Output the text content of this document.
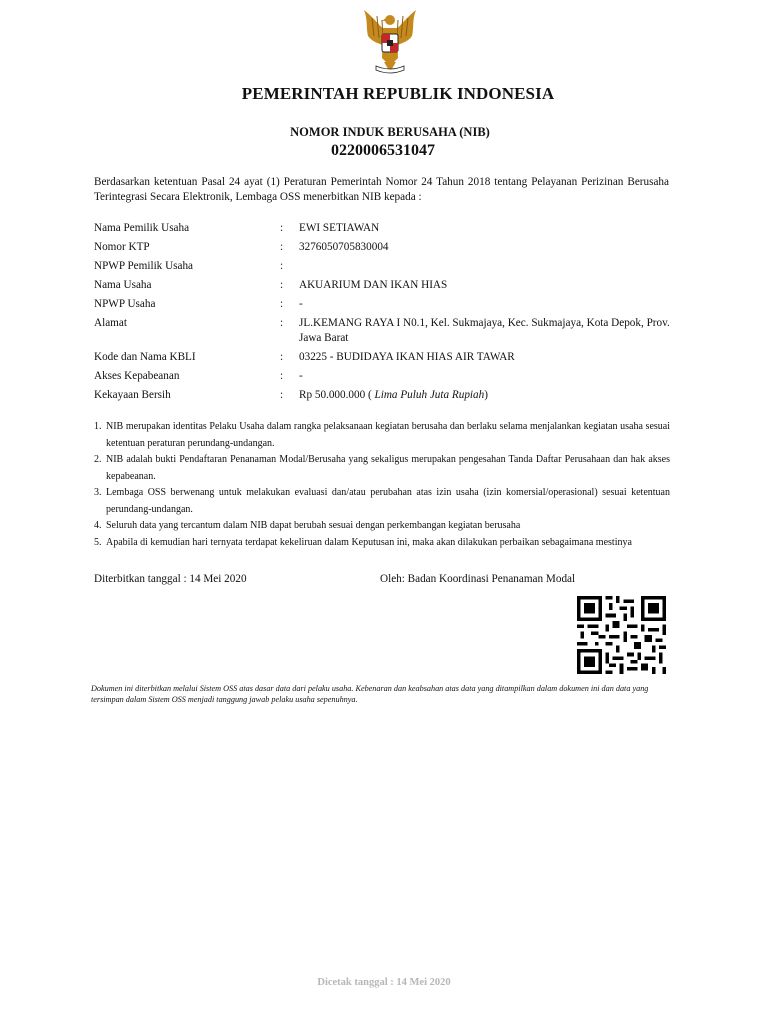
PEMERINTAH REPUBLIK INDONESIA
NOMOR INDUK BERUSAHA (NIB)
0220006531047
Berdasarkan ketentuan Pasal 24 ayat (1) Peraturan Pemerintah Nomor 24 Tahun 2018 tentang Pelayanan Perizinan Berusaha Terintegrasi Secara Elektronik, Lembaga OSS menerbitkan NIB kepada :
Nama Pemilik Usaha	:	EWI SETIAWAN
Nomor KTP	:	3276050705830004
NPWP Pemilik Usaha	:
Nama Usaha	:	AKUARIUM DAN IKAN HIAS
NPWP Usaha	:	-
Alamat	:	JL.KEMANG RAYA I N0.1, Kel. Sukmajaya, Kec. Sukmajaya, Kota Depok, Prov. Jawa Barat
Kode dan Nama KBLI	:	03225 - BUDIDAYA IKAN HIAS AIR TAWAR
Akses Kepabeanan	:	-
Kekayaan Bersih	:	Rp 50.000.000 ( Lima Puluh Juta Rupiah)
1. NIB merupakan identitas Pelaku Usaha dalam rangka pelaksanaan kegiatan berusaha dan berlaku selama menjalankan kegiatan usaha sesuai ketentuan peraturan perundang-undangan.
2. NIB adalah bukti Pendaftaran Penanaman Modal/Berusaha yang sekaligus merupakan pengesahan Tanda Daftar Perusahaan dan hak akses kepabeanan.
3. Lembaga OSS berwenang untuk melakukan evaluasi dan/atau perubahan atas izin usaha (izin komersial/operasional) sesuai ketentuan perundang-undangan.
4. Seluruh data yang tercantum dalam NIB dapat berubah sesuai dengan perkembangan kegiatan berusaha
5. Apabila di kemudian hari ternyata terdapat kekeliruan dalam Keputusan ini, maka akan dilakukan perbaikan sebagaimana mestinya
Diterbitkan tanggal : 14 Mei 2020	Oleh: Badan Koordinasi Penanaman Modal
Dokumen ini diterbitkan melalui Sistem OSS atas dasar data dari pelaku usaha. Kebenaran dan keabsahan atas data yang ditampilkan dalam dokumen ini dan data yang tersimpan dalam Sistem OSS menjadi tanggung jawab pelaku usaha sepenuhnya.
Dicetak tanggal : 14 Mei 2020
